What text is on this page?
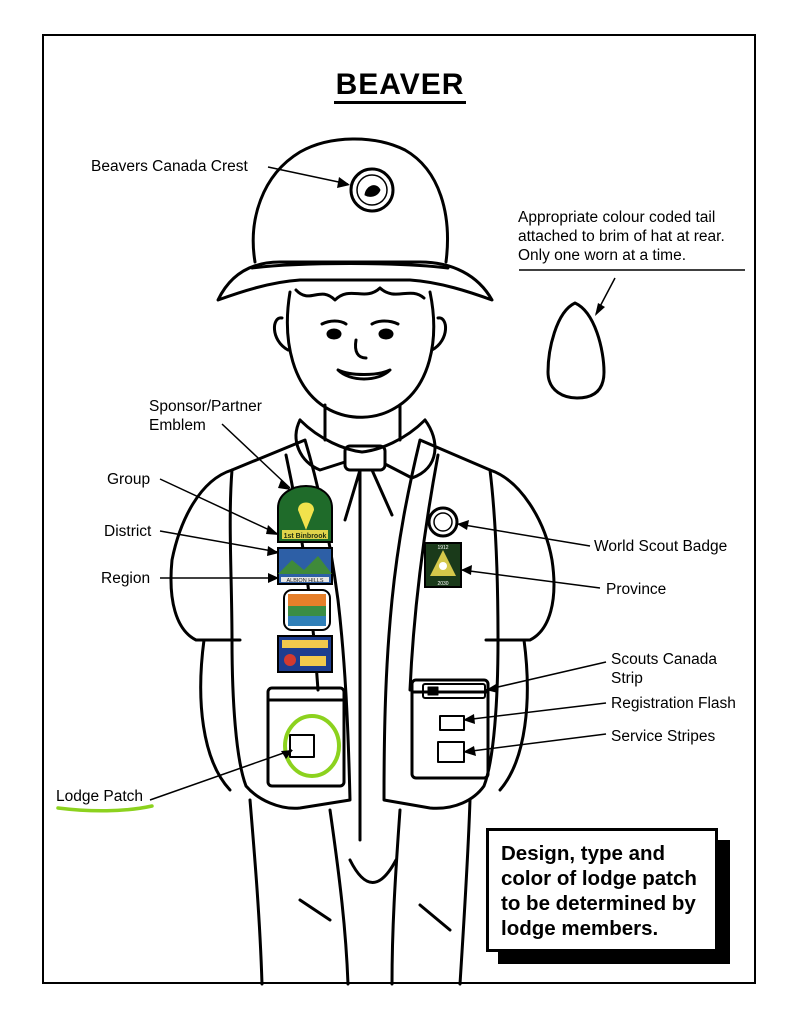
BEAVER
1st Binbrook
ALBION HILLS
1912
2030
Beavers Canada Crest
Sponsor/Partner
Emblem
Group
District
Region
World Scout Badge
Province
Scouts Canada
Strip
Registration Flash
Service Stripes
Lodge Patch
Appropriate colour coded tail
attached to brim of hat at rear.
Only one worn at a time.
Design, type and
color of lodge patch
to be determined by
lodge members.
